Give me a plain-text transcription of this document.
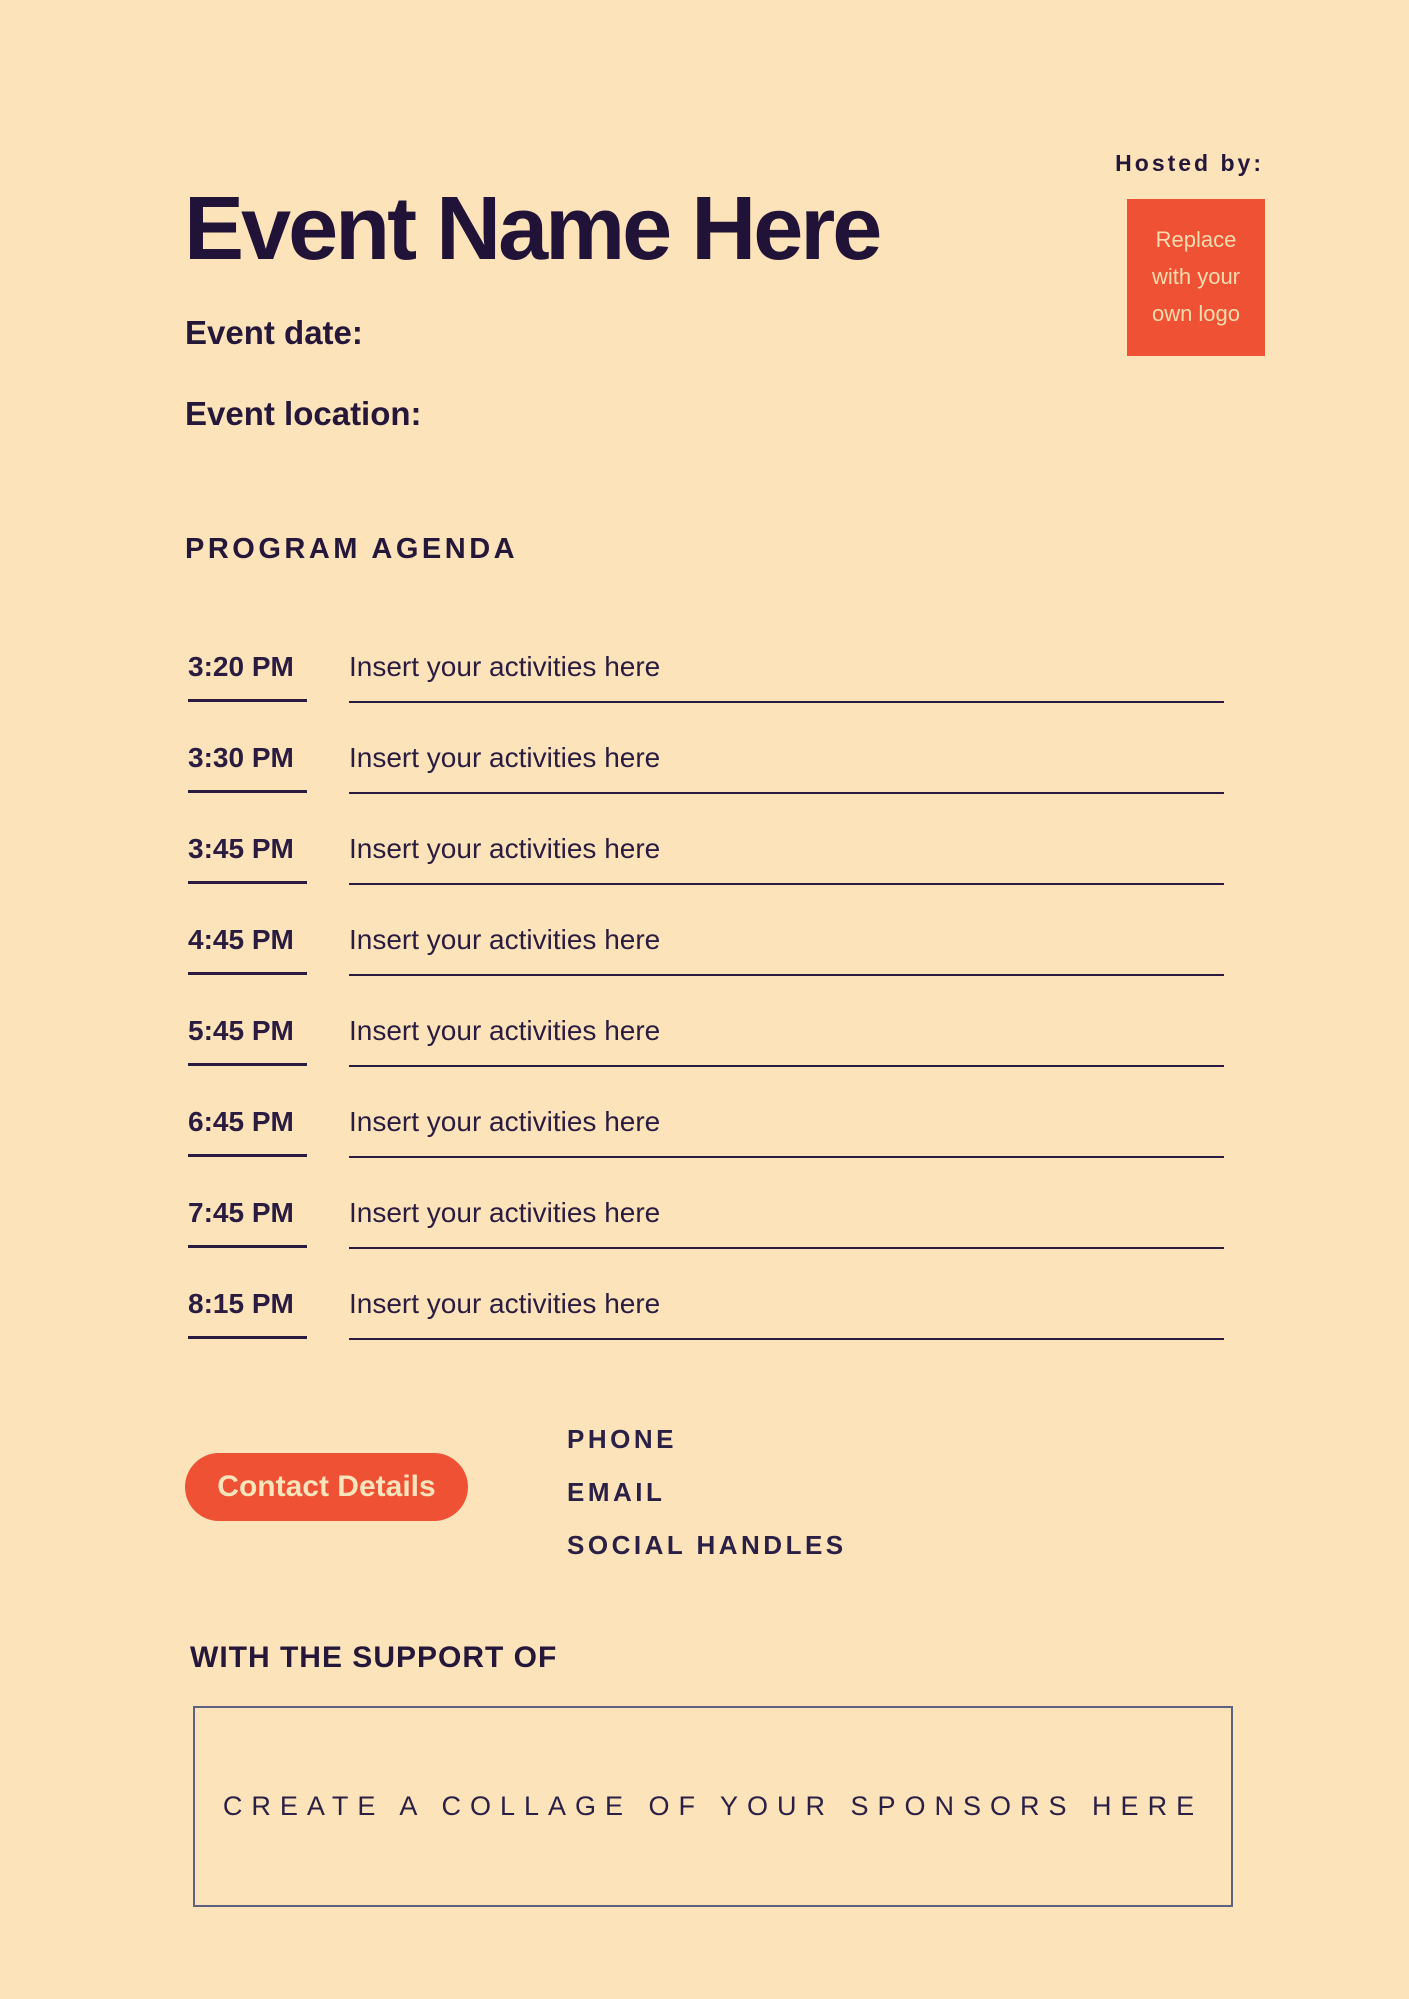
Hosted by:
Replace with your own logo
Event Name Here
Event date:
Event location:
PROGRAM AGENDA
3:20 PM	Insert your activities here
3:30 PM	Insert your activities here
3:45 PM	Insert your activities here
4:45 PM	Insert your activities here
5:45 PM	Insert your activities here
6:45 PM	Insert your activities here
7:45 PM	Insert your activities here
8:15 PM	Insert your activities here
Contact Details
PHONE
EMAIL
SOCIAL HANDLES
WITH THE SUPPORT OF
CREATE A COLLAGE OF YOUR SPONSORS HERE
